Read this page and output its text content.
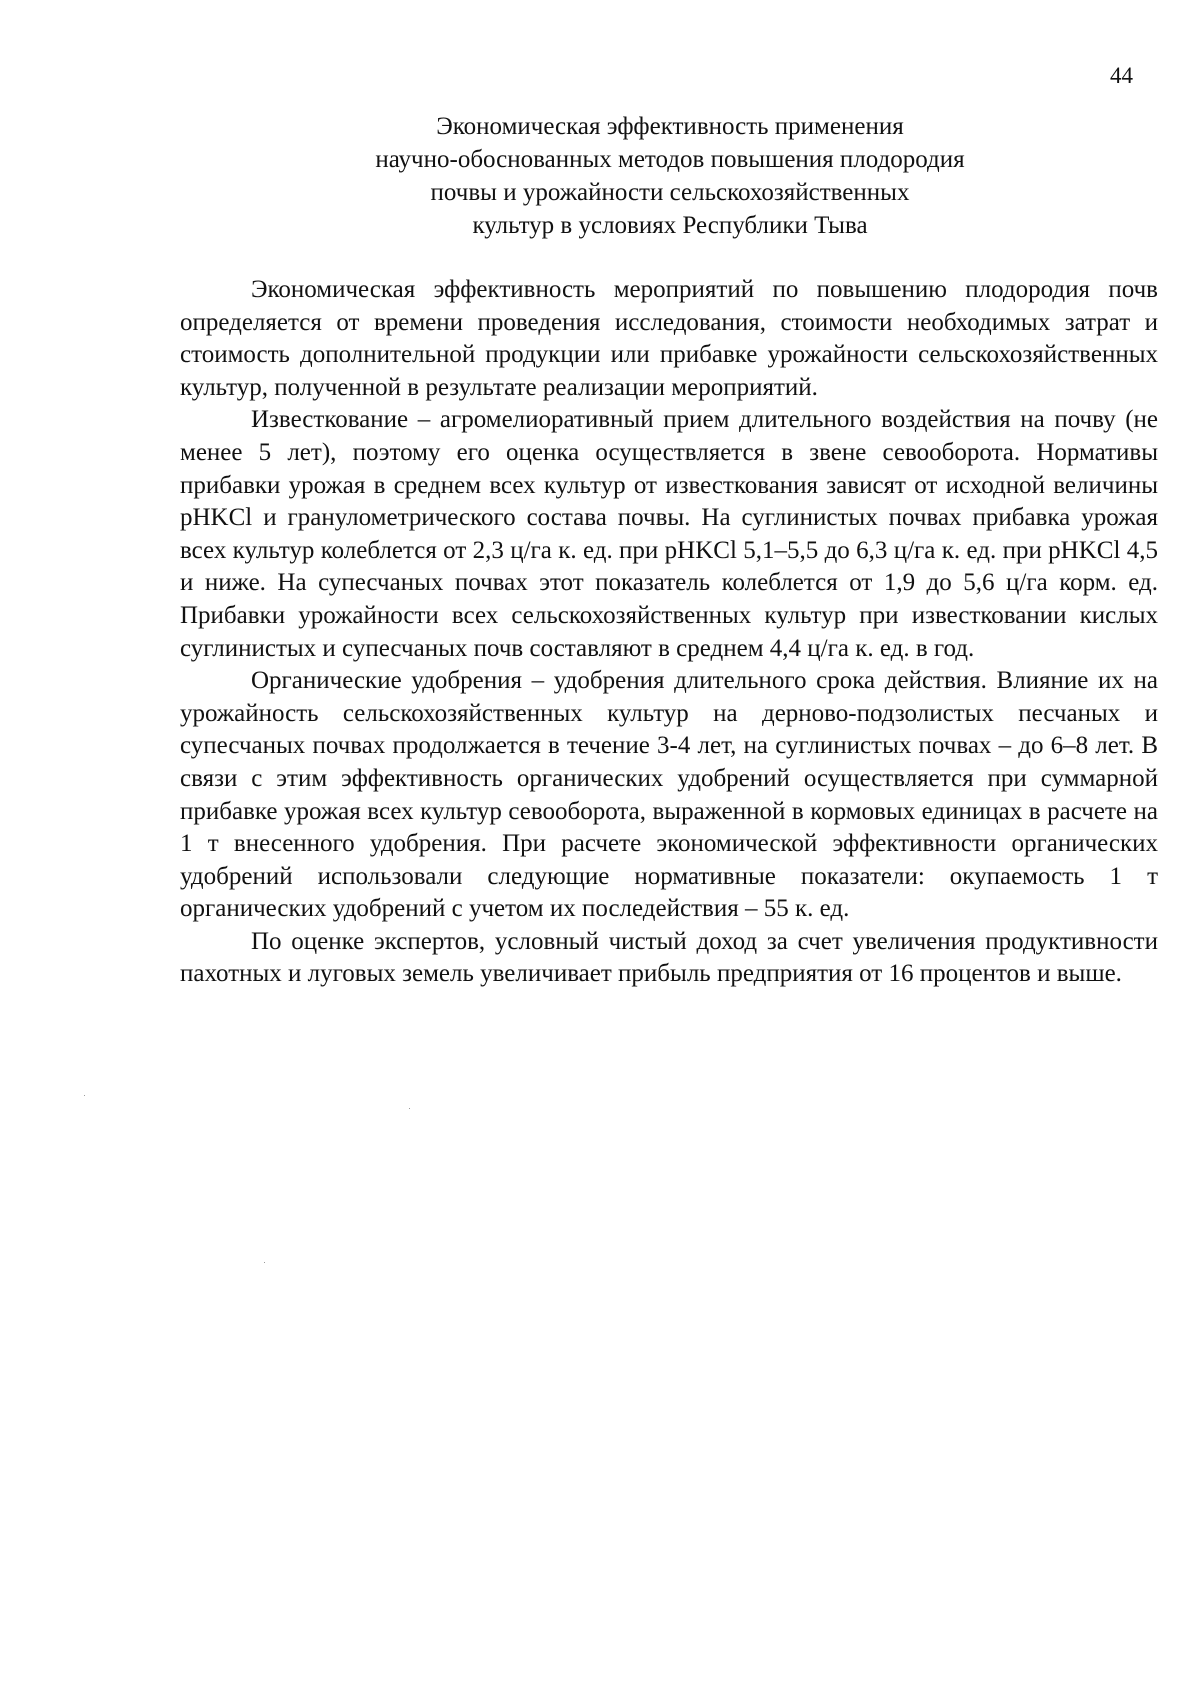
44
Экономическая эффективность применения
научно-обоснованных методов повышения плодородия
почвы и урожайности сельскохозяйственных
культур в условиях Республики Тыва

Экономическая эффективность мероприятий по повышению плодородия почв определяется от времени проведения исследования, стоимости необходимых затрат и стоимость дополнительной продукции или прибавке урожайности сельскохозяйственных культур, полученной в результате реализации мероприятий.

Известкование – агромелиоративный прием длительного воздействия на почву (не менее 5 лет), поэтому его оценка осуществляется в звене севооборота. Нормативы прибавки урожая в среднем всех культур от известкования зависят от исходной величины pHKCl и гранулометрического состава почвы. На суглинистых почвах прибавка урожая всех культур колеблется от 2,3 ц/га к. ед. при pHKCl 5,1–5,5 до 6,3 ц/га к. ед. при pHKCl 4,5 и ниже. На супесчаных почвах этот показатель колеблется от 1,9 до 5,6 ц/га корм. ед. Прибавки урожайности всех сельскохозяйственных культур при известковании кислых суглинистых и супесчаных почв составляют в среднем 4,4 ц/га к. ед. в год.

Органические удобрения – удобрения длительного срока действия. Влияние их на урожайность сельскохозяйственных культур на дерново-подзолистых песчаных и супесчаных почвах продолжается в течение 3-4 лет, на суглинистых почвах – до 6–8 лет. В связи с этим эффективность органических удобрений осуществляется при суммарной прибавке урожая всех культур севооборота, выраженной в кормовых единицах в расчете на 1 т внесенного удобрения. При расчете экономической эффективности органических удобрений использовали следующие нормативные показатели: окупаемость 1 т органических удобрений с учетом их последействия – 55 к. ед.

По оценке экспертов, условный чистый доход за счет увеличения продуктивности пахотных и луговых земель увеличивает прибыль предприятия от 16 процентов и выше.
